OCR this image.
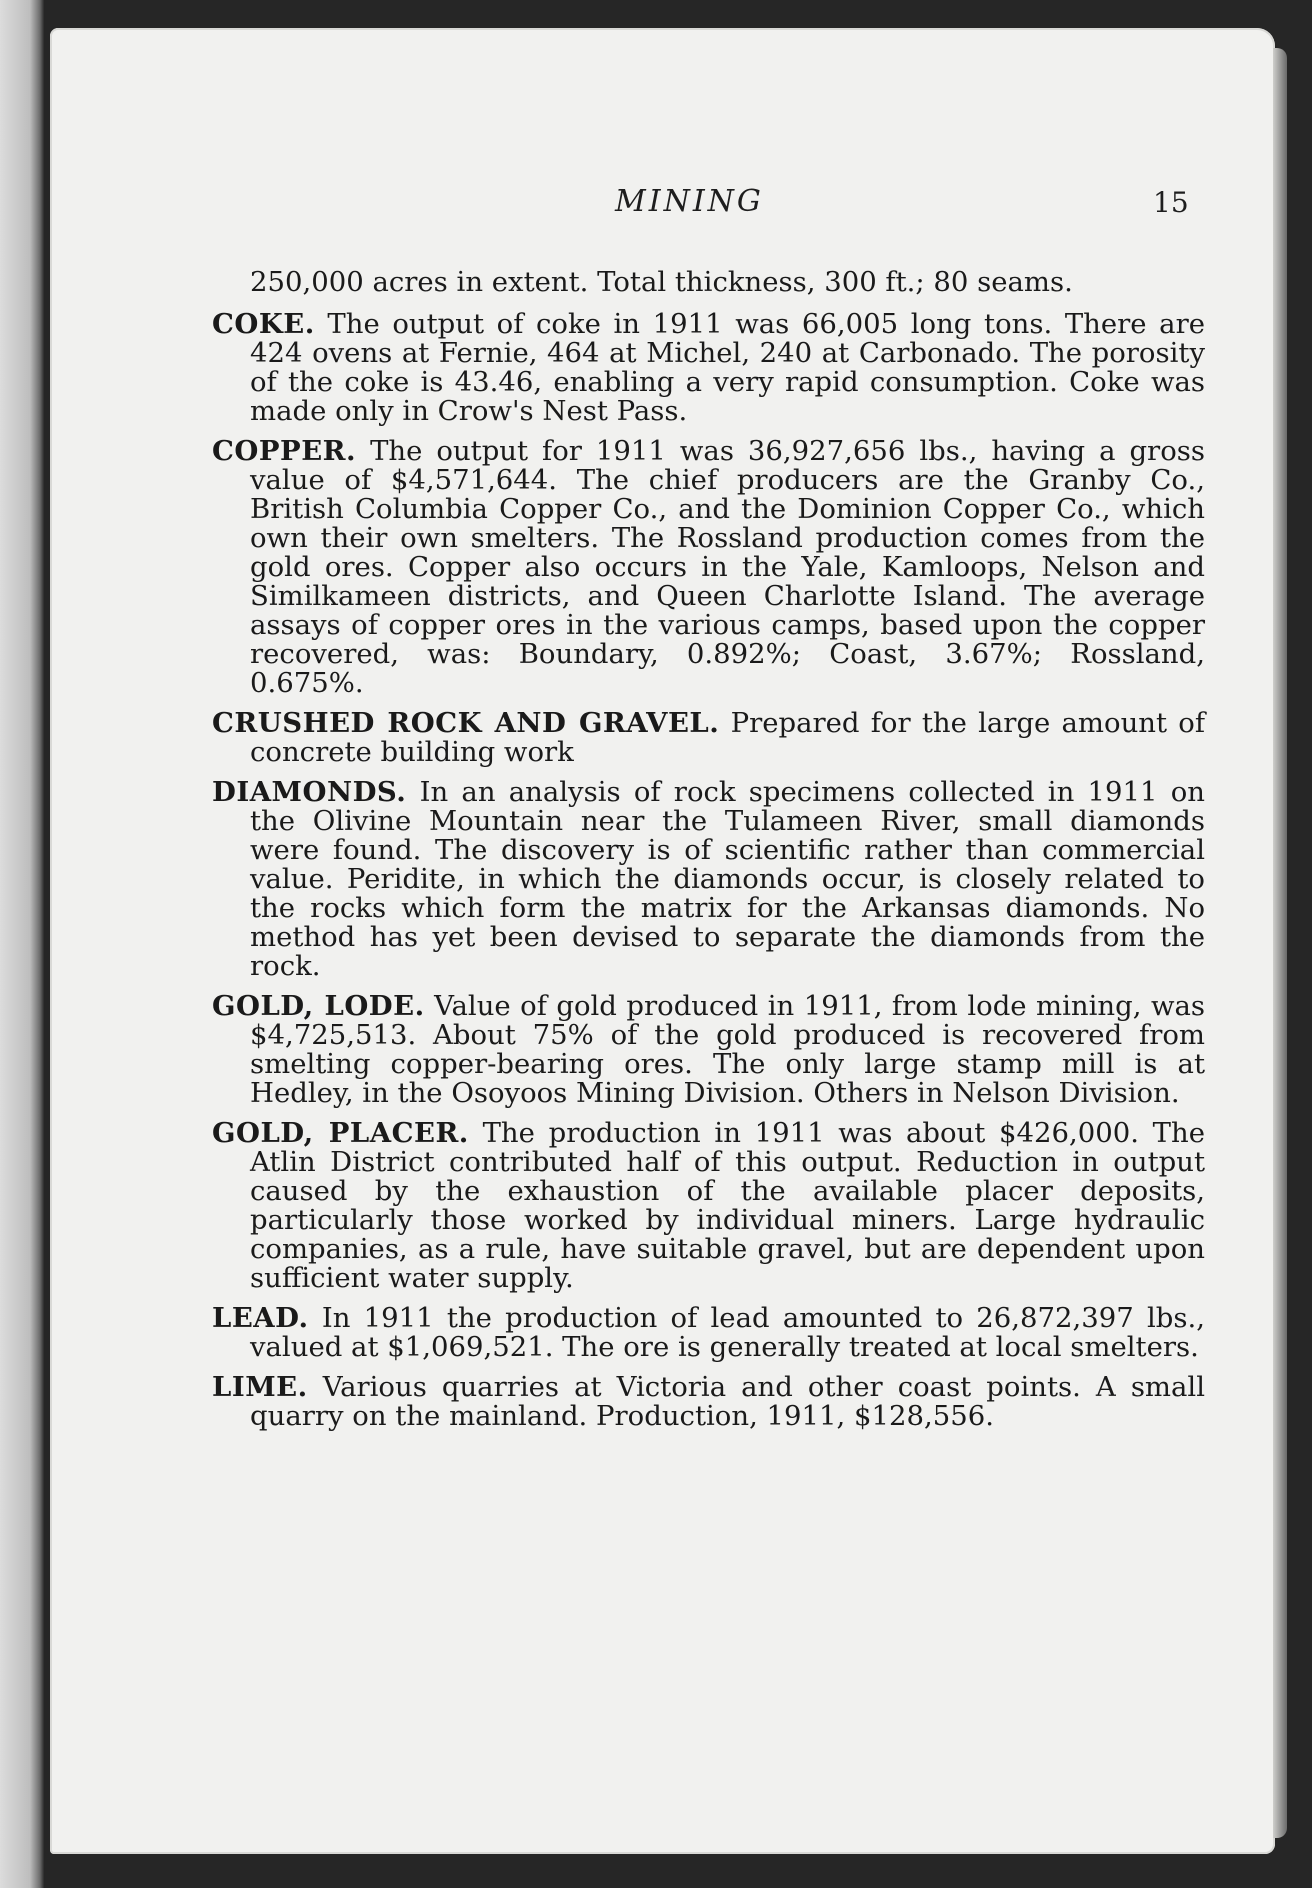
MINING	15

250,000 acres in extent. Total thickness, 300 ft.; 80 seams.

COKE. The output of coke in 1911 was 66,005 long tons. There are 424 ovens at Fernie, 464 at Michel, 240 at Carbonado. The porosity of the coke is 43.46, enabling a very rapid consumption. Coke was made only in Crow's Nest Pass.

COPPER. The output for 1911 was 36,927,656 lbs., having a gross value of $4,571,644. The chief producers are the Granby Co., British Columbia Copper Co., and the Dominion Copper Co., which own their own smelters. The Rossland production comes from the gold ores. Copper also occurs in the Yale, Kamloops, Nelson and Similkameen districts, and Queen Charlotte Island. The average assays of copper ores in the various camps, based upon the copper recovered, was: Boundary, 0.892%; Coast, 3.67%; Rossland, 0.675%.

CRUSHED ROCK AND GRAVEL. Prepared for the large amount of concrete building work

DIAMONDS. In an analysis of rock specimens collected in 1911 on the Olivine Mountain near the Tulameen River, small diamonds were found. The discovery is of scientific rather than commercial value. Peridite, in which the diamonds occur, is closely related to the rocks which form the matrix for the Arkansas diamonds. No method has yet been devised to separate the diamonds from the rock.

GOLD, LODE. Value of gold produced in 1911, from lode mining, was $4,725,513. About 75% of the gold produced is recovered from smelting copper-bearing ores. The only large stamp mill is at Hedley, in the Osoyoos Mining Division. Others in Nelson Division.

GOLD, PLACER. The production in 1911 was about $426,000. The Atlin District contributed half of this output. Reduction in output caused by the exhaustion of the available placer deposits, particularly those worked by individual miners. Large hydraulic companies, as a rule, have suitable gravel, but are dependent upon sufficient water supply.

LEAD. In 1911 the production of lead amounted to 26,872,397 lbs., valued at $1,069,521. The ore is generally treated at local smelters.

LIME. Various quarries at Victoria and other coast points. A small quarry on the mainland. Production, 1911, $128,556.
